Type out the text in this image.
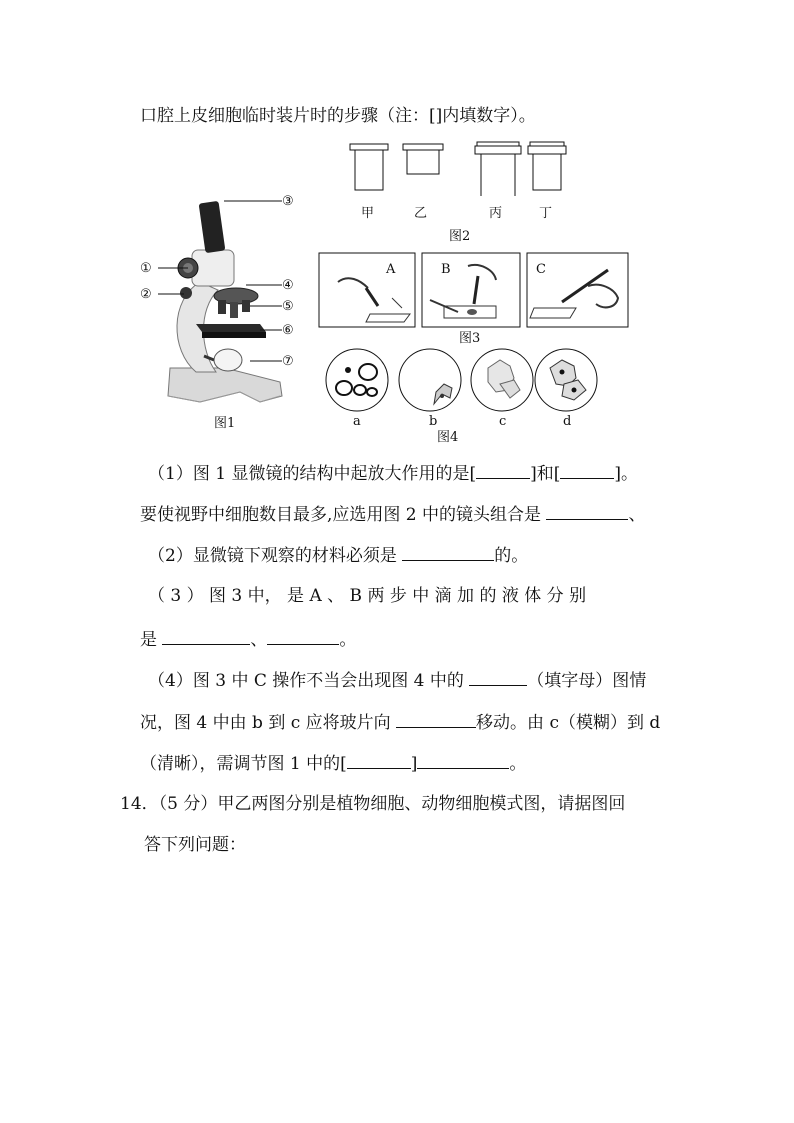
口腔上皮细胞临时装片时的步骤（注：[]内填数字）。
③
①
②
④
⑤
⑥
⑦
图1
甲	乙	丙	丁
图2
A	B	C
图3
a	b	c	d
图4
（1）图 1 显微镜的结构中起放大作用的是[	]和[	]。
要使视野中细胞数目最多,应选用图 2 中的镜头组合是	、
（2）显微镜下观察的材料必须是	的。
（ 3 ） 图 3 中， 是 A 、 B 两 步 中 滴 加 的 液 体 分 别
是	、	。
（4）图 3 中 C 操作不当会出现图 4 中的	（填字母）图情
况，图 4 中由 b 到 c 应将玻片向	移动。由 c（模糊）到 d
（清晰），需调节图 1 中的[	]	。
14．（5 分）甲乙两图分别是植物细胞、动物细胞模式图，请据图回
答下列问题：
